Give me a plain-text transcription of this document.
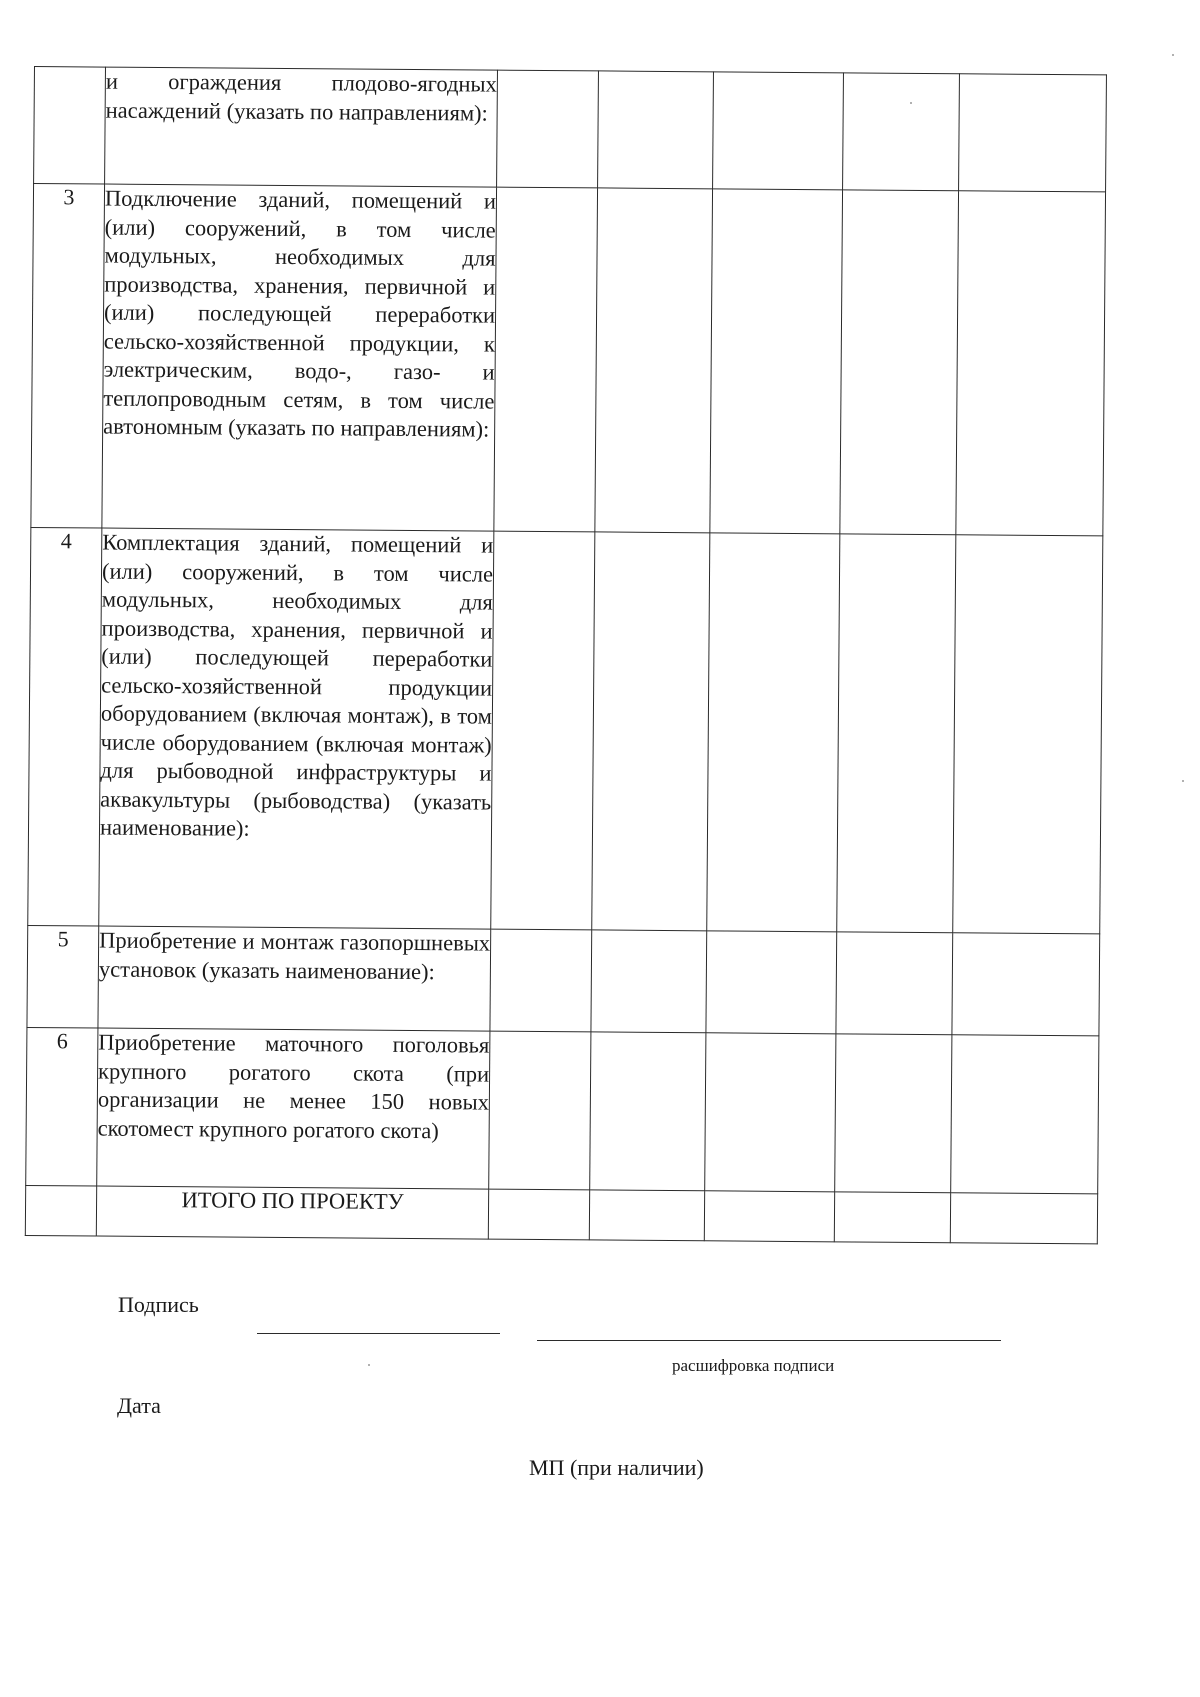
	и ограждения плодово-ягодных насаждений (указать по направлениям):					
3	Подключение зданий, помещений и (или) сооружений, в том числе модульных, необходимых для производства, хранения, первичной и (или) последующей переработки сельско-хозяйственной продукции, к электрическим, водо-, газо- и теплопроводным сетям, в том числе автономным (указать по направлениям):					
4	Комплектация зданий, помещений и (или) сооружений, в том числе модульных, необходимых для производства, хранения, первичной и (или) последующей переработки сельско-хозяйственной продукции оборудованием (включая монтаж), в том числе оборудованием (включая монтаж) для рыбоводной инфраструктуры и аквакультуры (рыбоводства) (указать наименование):					
5	Приобретение и монтаж газопоршневых установок (указать наименование):					
6	Приобретение маточного поголовья крупного рогатого скота (при организации не менее 150 новых скотомест крупного рогатого скота)					
	ИТОГО ПО ПРОЕКТУ					
Подпись
расшифровка подписи
Дата
МП (при наличии)
